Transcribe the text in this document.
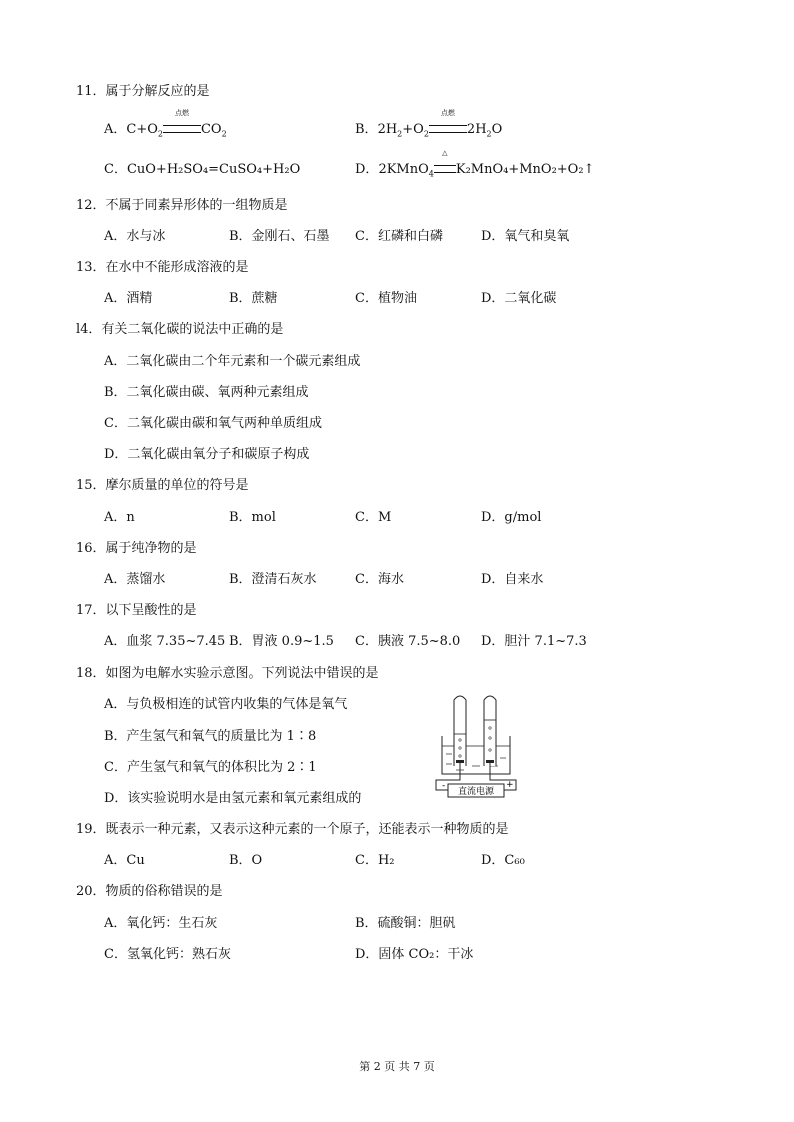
11．属于分解反应的是
A．$C+O_2$
点燃
$CO_2$	B．$2H_2+O_2$
点燃
$2H_2O$
C．CuO+H₂SO₄=CuSO₄+H₂O	D．2KMnO$_4$
△
K₂MnO₄+MnO₂+O₂↑
12．不属于同素异形体的一组物质是
A．水与冰	B．金刚石、石墨 C．红磷和白磷	D．氧气和臭氧
13．在水中不能形成溶液的是
A．酒精	B．蔗糖	C．植物油	D．二氧化碳
l4．有关二氧化碳的说法中正确的是
A．二氧化碳由二个年元素和一个碳元素组成
B．二氧化碳由碳、氧两种元素组成
C．二氧化碳由碳和氧气两种单质组成
D．二氧化碳由氧分子和碳原子构成
15．摩尔质量的单位的符号是
A．n	B．mol	C．M	D．g/mol
16．属于纯净物的是
A．蒸馏水	B．澄清石灰水	C．海水	D．自来水
17．以下呈酸性的是
A．血浆 7.35~7.45 B．胃液 0.9~1.5 C．胰液 7.5~8.0 D．胆汁 7.1~7.3
18．如图为电解水实验示意图。下列说法中错误的是
A．与负极相连的试管内收集的气体是氧气
B．产生氢气和氧气的质量比为 1∶8
C．产生氢气和氧气的体积比为 2∶1
D．该实验说明水是由氢元素和氧元素组成的	直流电源
-	+
19．既表示一种元素，又表示这种元素的一个原子，还能表示一种物质的是
A．Cu	B．O	C．H₂	D．C₆₀
20．物质的俗称错误的是
A．氧化钙：生石灰	B．硫酸铜：胆矾
C．氢氧化钙：熟石灰	D．固体 CO₂：干冰
第 2 页 共 7 页
